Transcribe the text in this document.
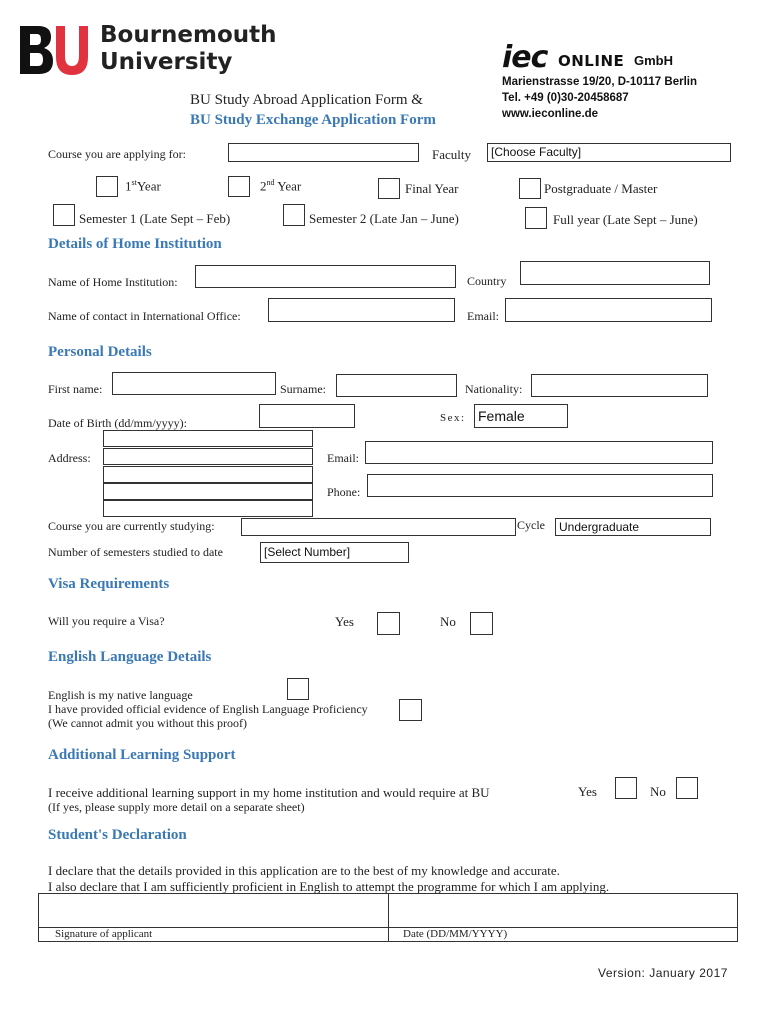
Bournemouth
University
BU Study Abroad Application Form &
BU Study Exchange Application Form
iec ONLINE GmbH
Marienstrasse 19/20, D-10117 Berlin
Tel. +49 (0)30-20458687
www.ieconline.de
Course you are applying for:	Faculty	[Choose Faculty]
1stYear	2nd Year	Final Year	Postgraduate / Master
Semester 1 (Late Sept – Feb)	Semester 2 (Late Jan – June)	Full year (Late Sept – June)
Details of Home Institution
Name of Home Institution:	Country
Name of contact in International Office:	Email:
Personal Details
First name:	Surname:	Nationality:
Date of Birth (dd/mm/yyyy):	Sex: Female
Address:	Email:
Phone:
Course you are currently studying:	Cycle	Undergraduate
Number of semesters studied to date	[Select Number]
Visa Requirements
Will you require a Visa?	Yes	No
English Language Details
English is my native language
I have provided official evidence of English Language Proficiency
(We cannot admit you without this proof)
Additional Learning Support
I receive additional learning support in my home institution and would require at BU
(If yes, please supply more detail on a separate sheet)
Yes	No
Student's Declaration
I declare that the details provided in this application are to the best of my knowledge and accurate.
I also declare that I am sufficiently proficient in English to attempt the programme for which I am applying.
Signature of applicant	Date (DD/MM/YYYY)
Version: January 2017
